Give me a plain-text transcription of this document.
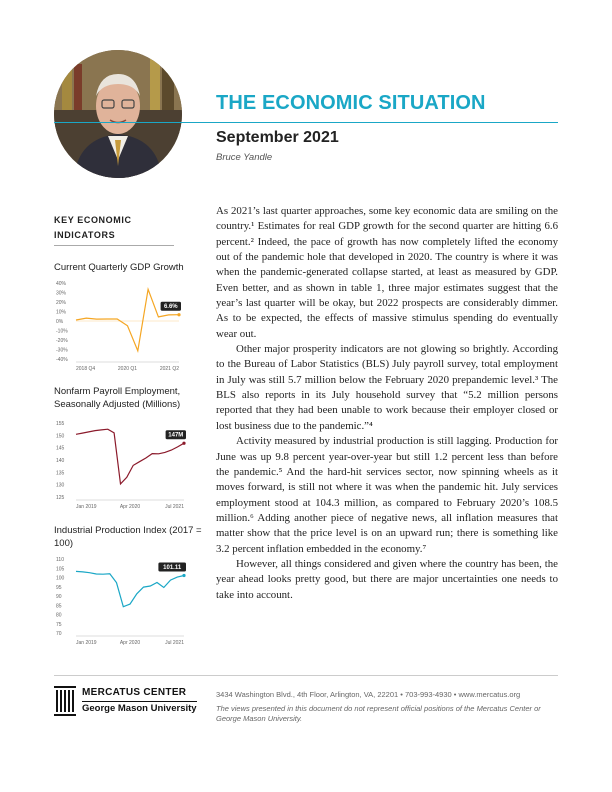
THE ECONOMIC SITUATION
September 2021
Bruce Yandle
KEY ECONOMIC
INDICATORS
Current Quarterly GDP Growth
40%
30%
20%
10%
0%
-10%
-20%
-30%
-40%
2018 Q4	2020 Q1	2021 Q2
6.6%
Nonfarm Payroll Employment, Seasonally Adjusted (Millions)
155
150
145
140
135
130
125
Jan 2019	Apr 2020	Jul 2021
147M
Industrial Production Index (2017 = 100)
110
105
100
95
90
85
80
75
70
Jan 2019	Apr 2020	Jul 2021
101.11

As 2021’s last quarter approaches, some key economic data are smiling on the country.¹ Estimates for real GDP growth for the second quarter are hitting 6.6 percent.² Indeed, the pace of growth has now completely lifted the economy out of the pandemic hole that developed in 2020. The country is where it was when the pandemic-generated collapse started, at least as measured by GDP. Even better, and as shown in table 1, three major estimates suggest that the year’s last quarter will be okay, but 2022 prospects are considerably dimmer. As to be expected, the effects of massive stimulus spending do eventually wear out.

Other major prosperity indicators are not glowing so brightly. According to the Bureau of Labor Statistics (BLS) July payroll survey, total employment in July was still 5.7 million below the February 2020 prepandemic level.³ The BLS also reports in its July household survey that “5.2 million persons reported that they had been unable to work because their employer closed or lost business due to the pandemic.”⁴

Activity measured by industrial production is still lagging. Production for June was up 9.8 percent year-over-year but still 1.2 percent less than before the pandemic.⁵ And the hard-hit services sector, now spinning wheels as it moves forward, is still not where it was when the pandemic hit. July services employment stood at 104.3 million, as compared to February 2020’s 108.5 million.⁶ Adding another piece of negative news, all inflation measures that matter show that the price level is on an upward run; there is something like 3.2 percent inflation embedded in the economy.⁷

However, all things considered and given where the country has been, the year ahead looks pretty good, but there are major uncertainties one needs to take into account.

MERCATUS CENTER
George Mason University
3434 Washington Blvd., 4th Floor, Arlington, VA, 22201 • 703-993-4930 • www.mercatus.org
The views presented in this document do not represent official positions of the Mercatus Center or George Mason University.
